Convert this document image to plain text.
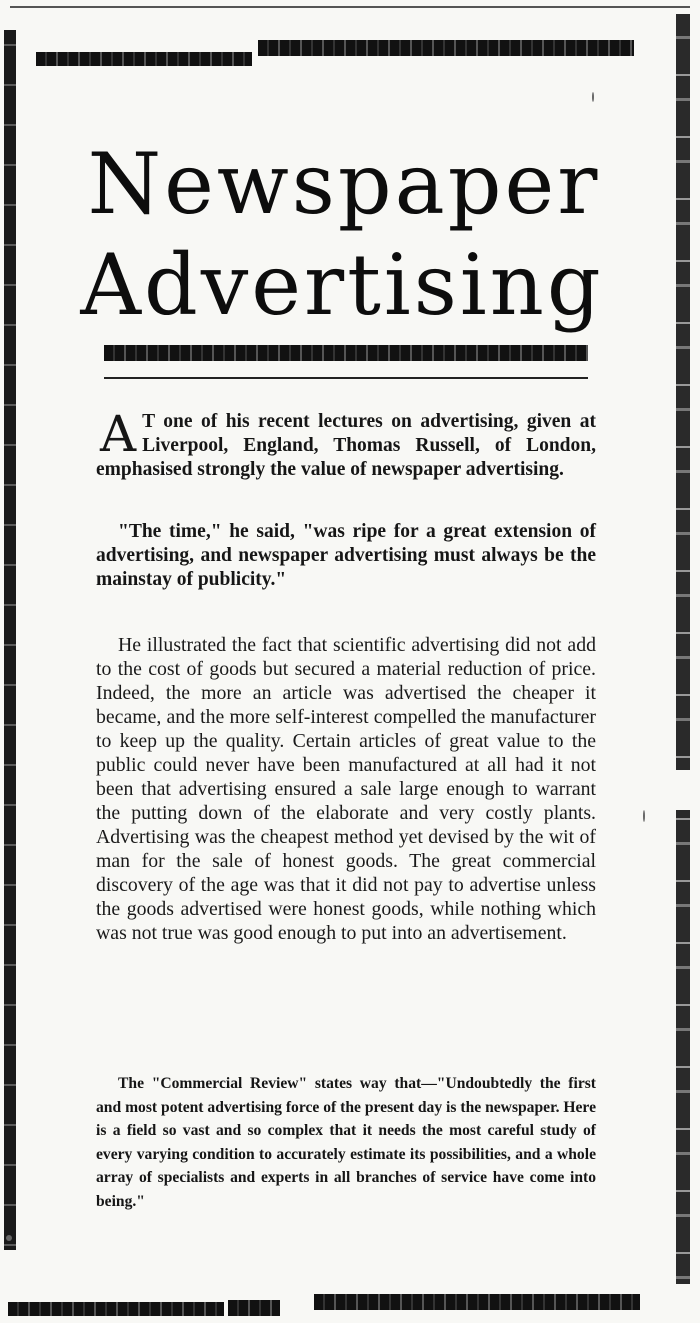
Newspaper
Advertising

A T one of his recent lectures on advertising, given at Liverpool, England, Thomas Russell, of London, emphasised strongly the value of newspaper advertising.

"The time," he said, "was ripe for a great extension of advertising, and newspaper advertising must always be the mainstay of publicity."

He illustrated the fact that scientific advertising did not add to the cost of goods but secured a material reduction of price. Indeed, the more an article was advertised the cheaper it became, and the more self-interest compelled the manufacturer to keep up the quality. Certain articles of great value to the public could never have been manufactured at all had it not been that advertising ensured a sale large enough to warrant the putting down of the elaborate and very costly plants. Advertising was the cheapest method yet devised by the wit of man for the sale of honest goods. The great commercial discovery of the age was that it did not pay to advertise unless the goods advertised were honest goods, while nothing which was not true was good enough to put into an advertisement.

The "Commercial Review" states way that—"Undoubtedly the first and most potent advertising force of the present day is the newspaper. Here is a field so vast and so complex that it needs the most careful study of every varying condition to accurately estimate its possibilities, and a whole array of specialists and experts in all branches of service have come into being."
